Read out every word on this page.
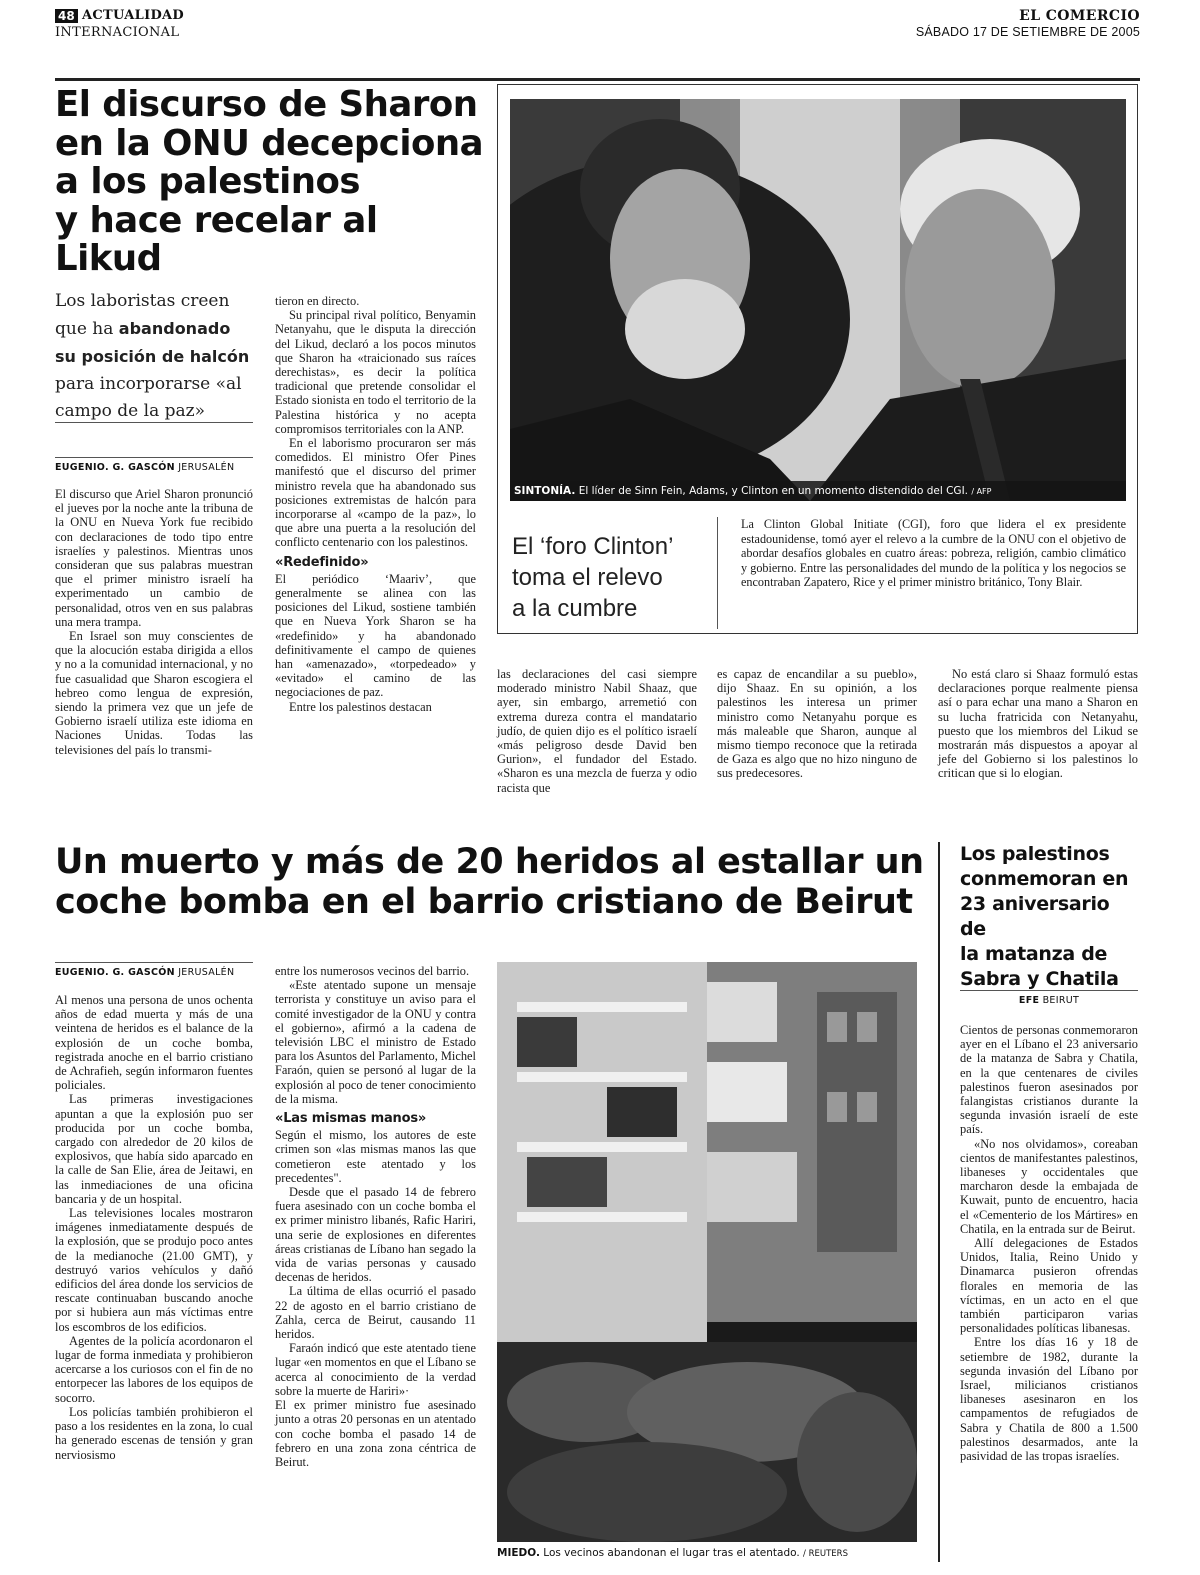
48 ACTUALIDAD
INTERNACIONAL
EL COMERCIO
SÁBADO 17 DE SETIEMBRE DE 2005
El discurso de Sharon
en la ONU decepciona
a los palestinos
y hace recelar al Likud
Los laboristas creen que ha abandonado su posición de halcón para incorporarse «al campo de la paz»
EUGENIO. G. GASCÓN JERUSALÉN

El discurso que Ariel Sharon pronunció el jueves por la noche ante la tribuna de la ONU en Nueva York fue recibido con declaraciones de todo tipo entre israelíes y palestinos. Mientras unos consideran que sus palabras muestran que el primer ministro israelí ha experimentado un cambio de personalidad, otros ven en sus palabras una mera trampa.

En Israel son muy conscientes de que la alocución estaba dirigida a ellos y no a la comunidad internacional, y no fue casualidad que Sharon escogiera el hebreo como lengua de expresión, siendo la primera vez que un jefe de Gobierno israelí utiliza este idioma en Naciones Unidas. Todas las televisiones del país lo transmi-

tieron en directo.

Su principal rival político, Benyamin Netanyahu, que le disputa la dirección del Likud, declaró a los pocos minutos que Sharon ha «traicionado sus raíces derechistas», es decir la política tradicional que pretende consolidar el Estado sionista en todo el territorio de la Palestina histórica y no acepta compromisos territoriales con la ANP.

En el laborismo procuraron ser más comedidos. El ministro Ofer Pines manifestó que el discurso del primer ministro revela que ha abandonado sus posiciones extremistas de halcón para incorporarse al «campo de la paz», lo que abre una puerta a la resolución del conflicto centenario con los palestinos.

«Redefinido»

El periódico ‘Maariv’, que generalmente se alinea con las posiciones del Likud, sostiene también que en Nueva York Sharon se ha «redefinido» y ha abandonado definitivamente el campo de quienes han «amenazado», «torpedeado» y «evitado» el camino de las negociaciones de paz.

Entre los palestinos destacan

SINTONÍA. El líder de Sinn Fein, Adams, y Clinton en un momento distendido del CGI. / AFP
El ‘foro Clinton’
toma el relevo
a la cumbre
La Clinton Global Initiate (CGI), foro que lidera el ex presidente estadounidense, tomó ayer el relevo a la cumbre de la ONU con el objetivo de abordar desafíos globales en cuatro áreas: pobreza, religión, cambio climático y gobierno. Entre las personalidades del mundo de la política y los negocios se encontraban Zapatero, Rice y el primer ministro británico, Tony Blair.

las declaraciones del casi siempre moderado ministro Nabil Shaaz, que ayer, sin embargo, arremetió con extrema dureza contra el mandatario judío, de quien dijo es el político israelí «más peligroso desde David ben Gurion», el fundador del Estado. «Sharon es una mezcla de fuerza y odio racista que

es capaz de encandilar a su pueblo», dijo Shaaz. En su opinión, a los palestinos les interesa un primer ministro como Netanyahu porque es más maleable que Sharon, aunque al mismo tiempo reconoce que la retirada de Gaza es algo que no hizo ninguno de sus predecesores.

No está claro si Shaaz formuló estas declaraciones porque realmente piensa así o para echar una mano a Sharon en su lucha fratricida con Netanyahu, puesto que los miembros del Likud se mostrarán más dispuestos a apoyar al jefe del Gobierno si los palestinos lo critican que si lo elogian.

Un muerto y más de 20 heridos al estallar un
coche bomba en el barrio cristiano de Beirut
EUGENIO. G. GASCÓN JERUSALÉN

Al menos una persona de unos ochenta años de edad muerta y más de una veintena de heridos es el balance de la explosión de un coche bomba, registrada anoche en el barrio cristiano de Achrafieh, según informaron fuentes policiales.

Las primeras investigaciones apuntan a que la explosión puo ser producida por un coche bomba, cargado con alrededor de 20 kilos de explosivos, que había sido aparcado en la calle de San Elie, área de Jeitawi, en las inmediaciones de una oficina bancaria y de un hospital.

Las televisiones locales mostraron imágenes inmediatamente después de la explosión, que se produjo poco antes de la medianoche (21.00 GMT), y destruyó varios vehículos y dañó edificios del área donde los servicios de rescate continuaban buscando anoche por si hubiera aun más víctimas entre los escombros de los edificios.

Agentes de la policía acordonaron el lugar de forma inmediata y prohibieron acercarse a los curiosos con el fin de no entorpecer las labores de los equipos de socorro.

Los policías también prohibieron el paso a los residentes en la zona, lo cual ha generado escenas de tensión y gran nerviosismo

entre los numerosos vecinos del barrio.

«Este atentado supone un mensaje terrorista y constituye un aviso para el comité investigador de la ONU y contra el gobierno», afirmó a la cadena de televisión LBC el ministro de Estado para los Asuntos del Parlamento, Michel Faraón, quien se personó al lugar de la explosión al poco de tener conocimiento de la misma.

«Las mismas manos»

Según el mismo, los autores de este crimen son «las mismas manos las que cometieron este atentado y los precedentes".

Desde que el pasado 14 de febrero fuera asesinado con un coche bomba el ex primer ministro libanés, Rafic Hariri, una serie de explosiones en diferentes áreas cristianas de Líbano han segado la vida de varias personas y causado decenas de heridos.

La última de ellas ocurrió el pasado 22 de agosto en el barrio cristiano de Zahla, cerca de Beirut, causando 11 heridos.

Faraón indicó que este atentado tiene lugar «en momentos en que el Líbano se acerca al conocimiento de la verdad sobre la muerte de Hariri»·

El ex primer ministro fue asesinado junto a otras 20 personas en un atentado con coche bomba el pasado 14 de febrero en una zona zona céntrica de Beirut.

MIEDO. Los vecinos abandonan el lugar tras el atentado. / REUTERS
Los palestinos
conmemoran en
23 aniversario de
la matanza de
Sabra y Chatila
EFE BEIRUT

Cientos de personas conmemoraron ayer en el Líbano el 23 aniversario de la matanza de Sabra y Chatila, en la que centenares de civiles palestinos fueron asesinados por falangistas cristianos durante la segunda invasión israelí de este país.

«No nos olvidamos», coreaban cientos de manifestantes palestinos, libaneses y occidentales que marcharon desde la embajada de Kuwait, punto de encuentro, hacia el «Cementerio de los Mártires» en Chatila, en la entrada sur de Beirut.

Allí delegaciones de Estados Unidos, Italia, Reino Unido y Dinamarca pusieron ofrendas florales en memoria de las víctimas, en un acto en el que también participaron varias personalidades políticas libanesas.

Entre los días 16 y 18 de setiembre de 1982, durante la segunda invasión del Líbano por Israel, milicianos cristianos libaneses asesinaron en los campamentos de refugiados de Sabra y Chatila de 800 a 1.500 palestinos desarmados, ante la pasividad de las tropas israelíes.
